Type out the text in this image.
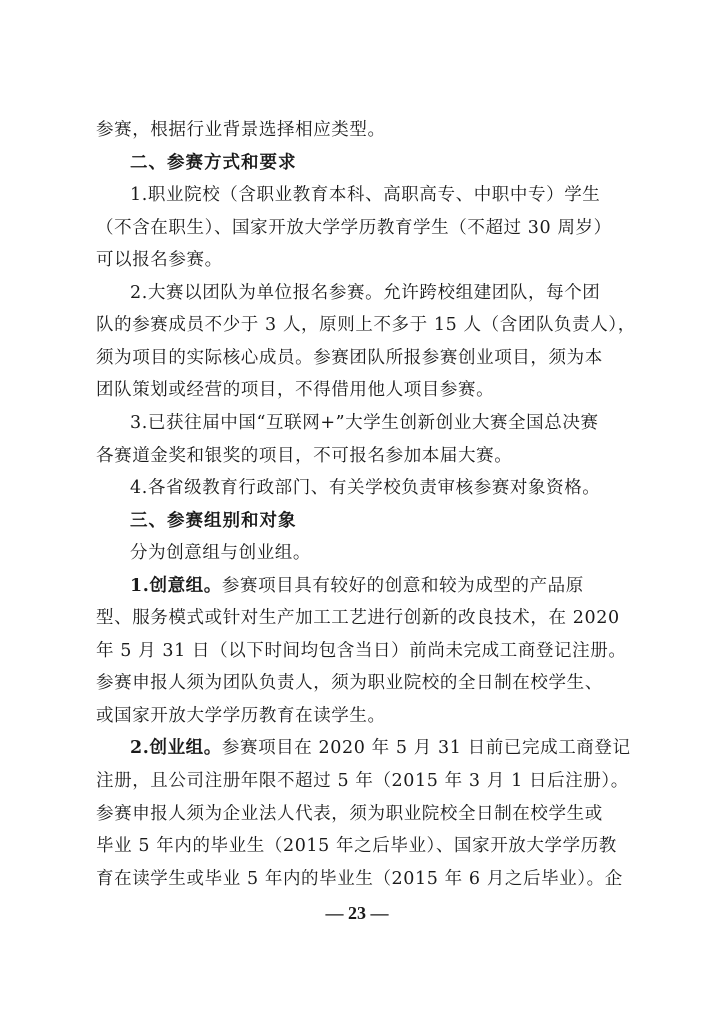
参赛，根据行业背景选择相应类型。
二、参赛方式和要求
1.职业院校（含职业教育本科、高职高专、中职中专）学生
（不含在职生）、国家开放大学学历教育学生（不超过 30 周岁）
可以报名参赛。
2.大赛以团队为单位报名参赛。允许跨校组建团队，每个团
队的参赛成员不少于 3 人，原则上不多于 15 人（含团队负责人），
须为项目的实际核心成员。参赛团队所报参赛创业项目，须为本
团队策划或经营的项目，不得借用他人项目参赛。
3.已获往届中国“互联网+”大学生创新创业大赛全国总决赛
各赛道金奖和银奖的项目，不可报名参加本届大赛。
4.各省级教育行政部门、有关学校负责审核参赛对象资格。
三、参赛组别和对象
分为创意组与创业组。
1.创意组。参赛项目具有较好的创意和较为成型的产品原
型、服务模式或针对生产加工工艺进行创新的改良技术，在 2020
年 5 月 31 日（以下时间均包含当日）前尚未完成工商登记注册。
参赛申报人须为团队负责人，须为职业院校的全日制在校学生、
或国家开放大学学历教育在读学生。
2.创业组。参赛项目在 2020 年 5 月 31 日前已完成工商登记
注册，且公司注册年限不超过 5 年（2015 年 3 月 1 日后注册）。
参赛申报人须为企业法人代表，须为职业院校全日制在校学生或
毕业 5 年内的毕业生（2015 年之后毕业）、国家开放大学学历教
育在读学生或毕业 5 年内的毕业生（2015 年 6 月之后毕业）。企
— 23 —
